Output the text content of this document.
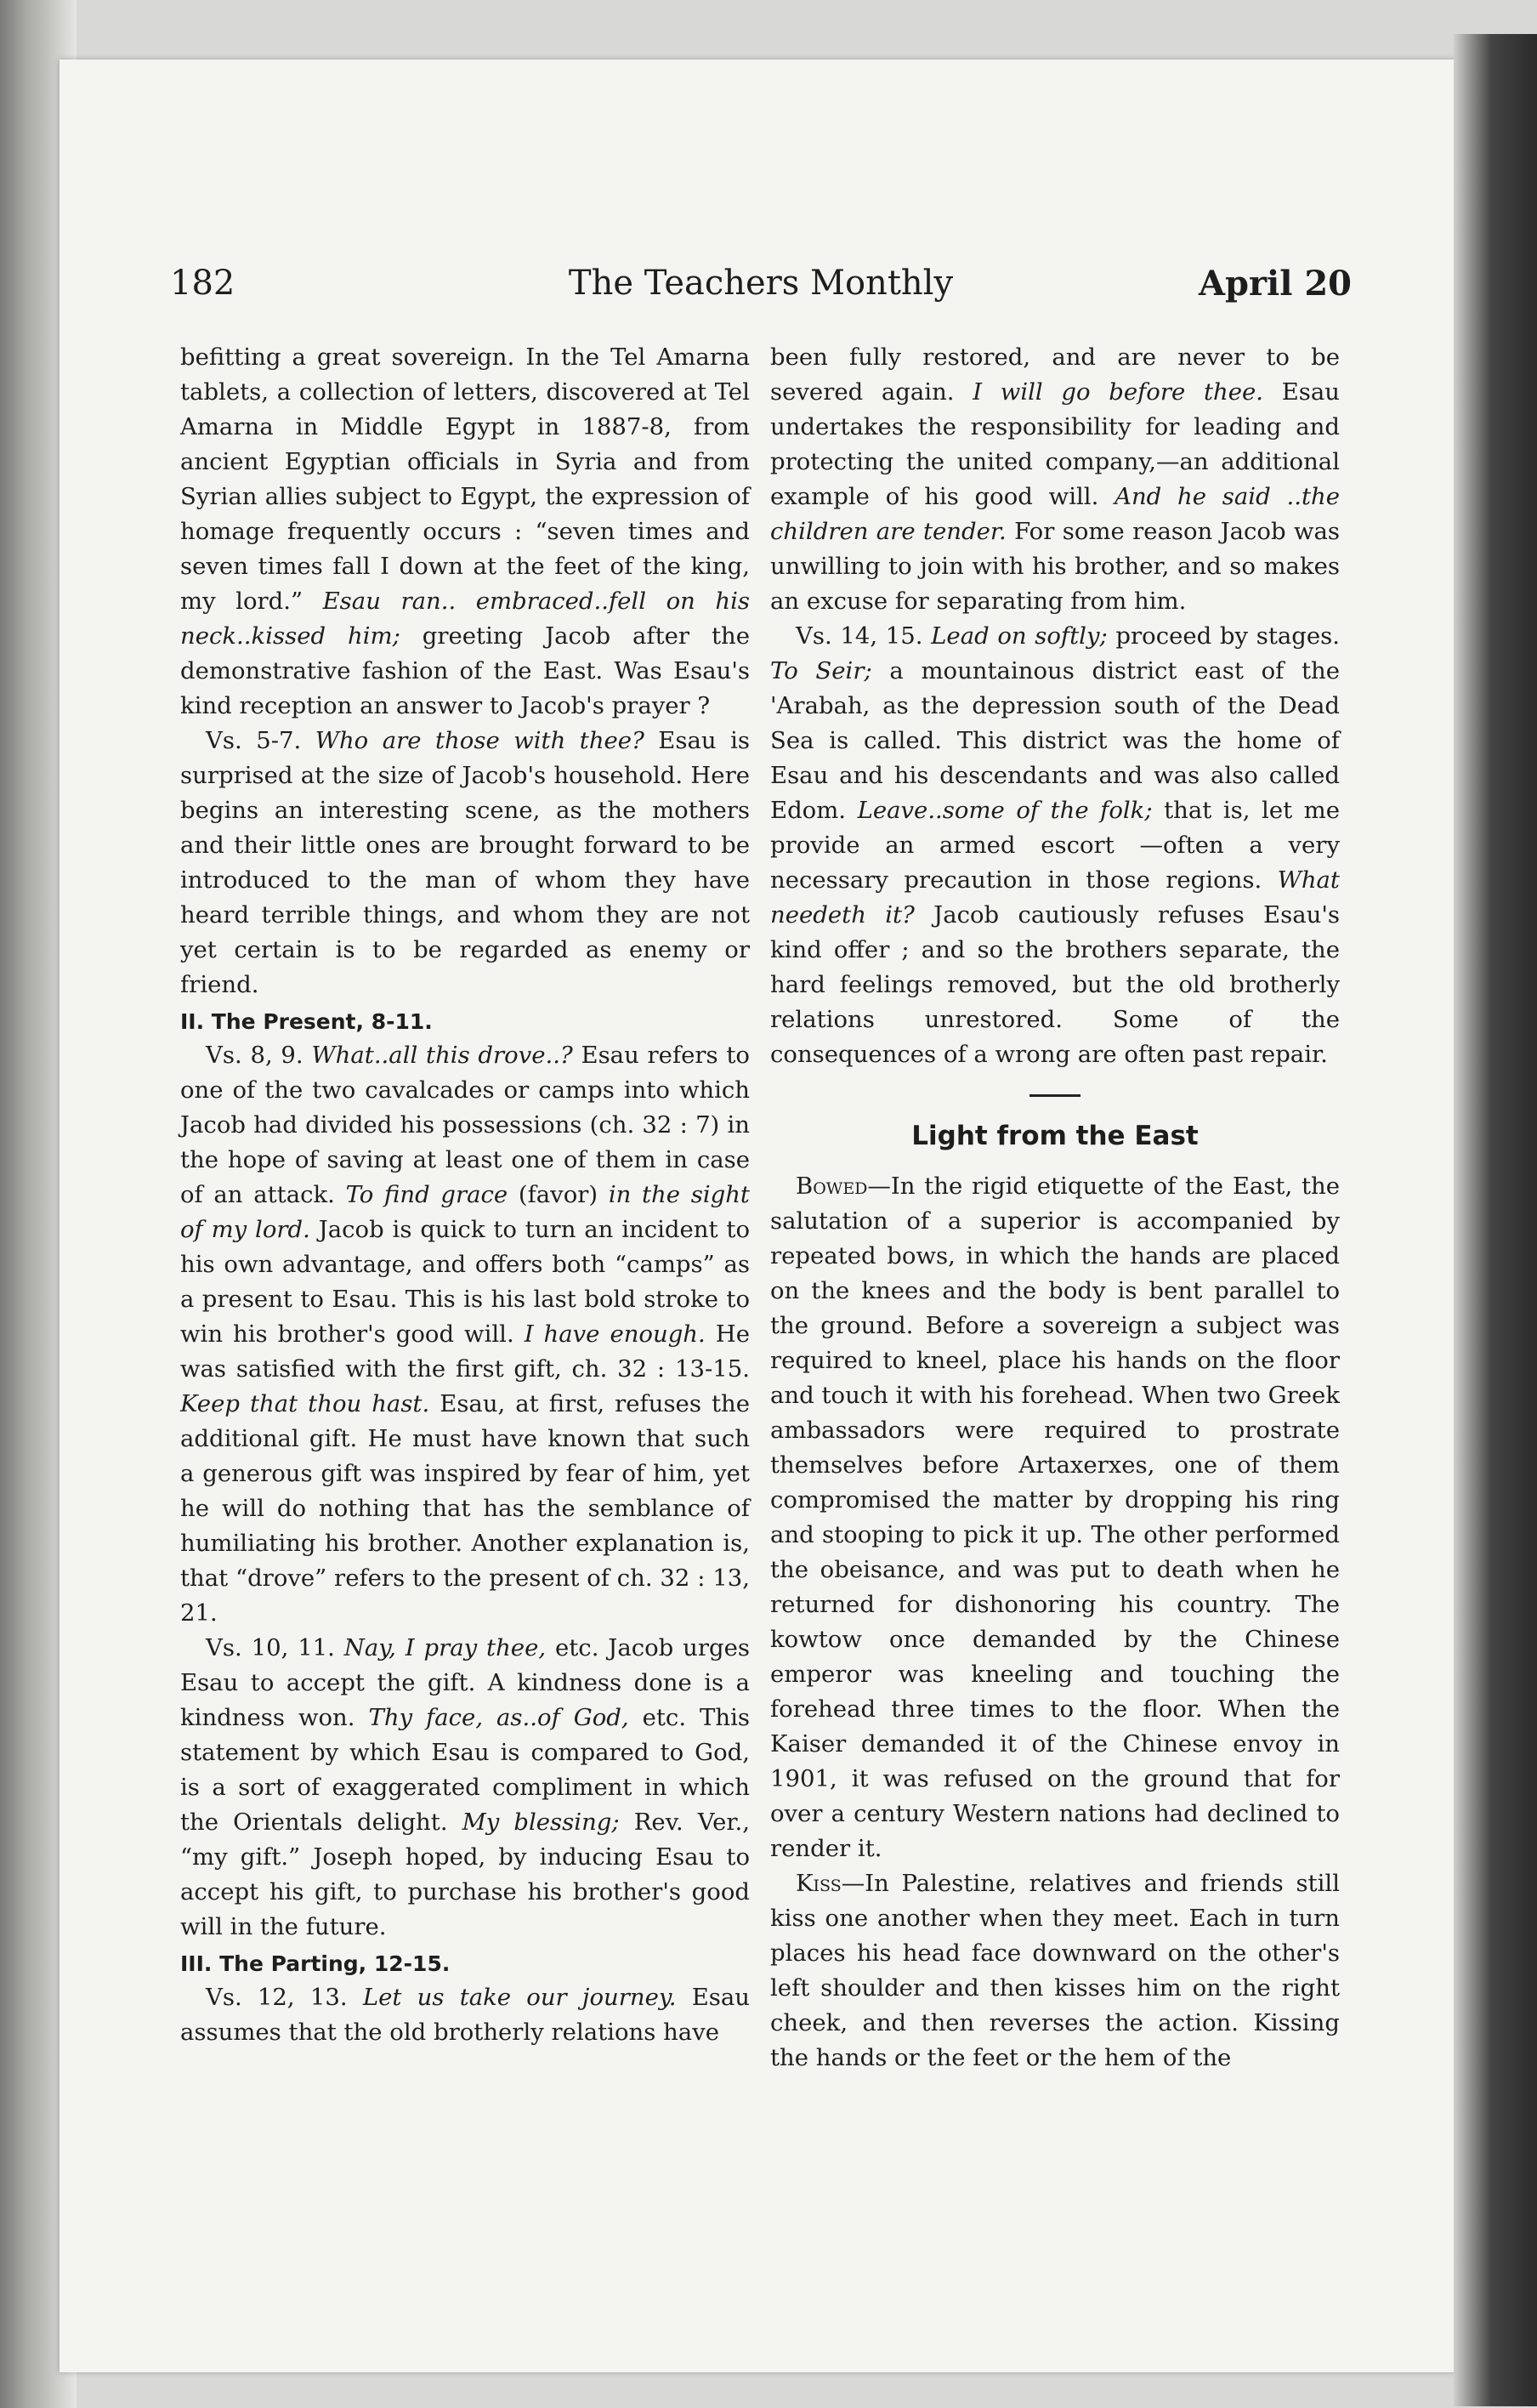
182	The Teachers Monthly	April 20

befitting a great sovereign. In the Tel Amarna tablets, a collection of letters, discovered at Tel Amarna in Middle Egypt in 1887-8, from ancient Egyptian officials in Syria and from Syrian allies subject to Egypt, the expression of homage frequently occurs : “seven times and seven times fall I down at the feet of the king, my lord.” Esau ran.. embraced..fell on his neck..kissed him; greeting Jacob after the demonstrative fashion of the East. Was Esau's kind reception an answer to Jacob's prayer ?

Vs. 5-7. Who are those with thee? Esau is surprised at the size of Jacob's household. Here begins an interesting scene, as the mothers and their little ones are brought forward to be introduced to the man of whom they have heard terrible things, and whom they are not yet certain is to be regarded as enemy or friend.

II. The Present, 8-11.

Vs. 8, 9. What..all this drove..? Esau refers to one of the two cavalcades or camps into which Jacob had divided his possessions (ch. 32 : 7) in the hope of saving at least one of them in case of an attack. To find grace (favor) in the sight of my lord. Jacob is quick to turn an incident to his own advantage, and offers both “camps” as a present to Esau. This is his last bold stroke to win his brother's good will. I have enough. He was satisfied with the first gift, ch. 32 : 13-15. Keep that thou hast. Esau, at first, refuses the additional gift. He must have known that such a generous gift was inspired by fear of him, yet he will do nothing that has the semblance of humiliating his brother. Another explanation is, that “drove” refers to the present of ch. 32 : 13, 21.

Vs. 10, 11. Nay, I pray thee, etc. Jacob urges Esau to accept the gift. A kindness done is a kindness won. Thy face, as..of God, etc. This statement by which Esau is compared to God, is a sort of exaggerated compliment in which the Orientals delight. My blessing; Rev. Ver., “my gift.” Joseph hoped, by inducing Esau to accept his gift, to purchase his brother's good will in the future.

III. The Parting, 12-15.

Vs. 12, 13. Let us take our journey. Esau assumes that the old brotherly relations have

been fully restored, and are never to be severed again. I will go before thee. Esau undertakes the responsibility for leading and protecting the united company,—an additional example of his good will. And he said ..the children are tender. For some reason Jacob was unwilling to join with his brother, and so makes an excuse for separating from him.

Vs. 14, 15. Lead on softly; proceed by stages. To Seir; a mountainous district east of the 'Arabah, as the depression south of the Dead Sea is called. This district was the home of Esau and his descendants and was also called Edom. Leave..some of the folk; that is, let me provide an armed escort —often a very necessary precaution in those regions. What needeth it? Jacob cautiously refuses Esau's kind offer ; and so the brothers separate, the hard feelings removed, but the old brotherly relations unrestored. Some of the consequences of a wrong are often past repair.

Light from the East

Bowed—In the rigid etiquette of the East, the salutation of a superior is accompanied by repeated bows, in which the hands are placed on the knees and the body is bent parallel to the ground. Before a sovereign a subject was required to kneel, place his hands on the floor and touch it with his forehead. When two Greek ambassadors were required to prostrate themselves before Artaxerxes, one of them compromised the matter by dropping his ring and stooping to pick it up. The other performed the obeisance, and was put to death when he returned for dishonoring his country. The kowtow once demanded by the Chinese emperor was kneeling and touching the forehead three times to the floor. When the Kaiser demanded it of the Chinese envoy in 1901, it was refused on the ground that for over a century Western nations had declined to render it.

Kiss—In Palestine, relatives and friends still kiss one another when they meet. Each in turn places his head face downward on the other's left shoulder and then kisses him on the right cheek, and then reverses the action. Kissing the hands or the feet or the hem of the
